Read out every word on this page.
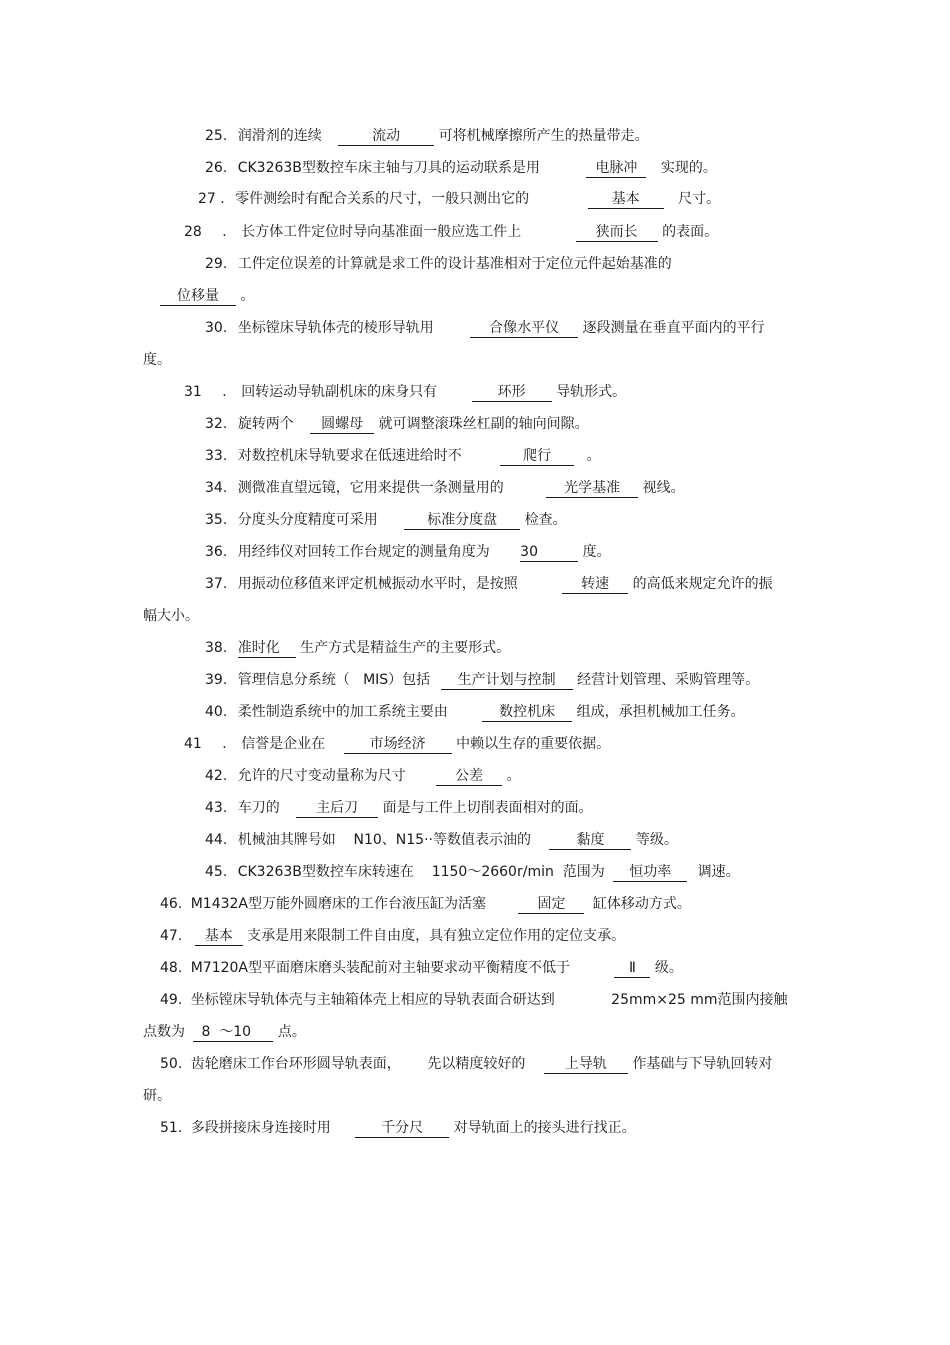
25. 润滑剂的连续	流动	可将机械摩擦所产生的热量带走。
26. CK3263B型数控车床主轴与刀具的运动联系是用	电脉冲 实现的。
27 . 零件测绘时有配合关系的尺寸，一般只测出它的	基本	尺寸。
28 . 长方体工件定位时导向基准面一般应选工件上	狭而长 的表面。
29. 工件定位误差的计算就是求工件的设计基准相对于定位元件起始基准的
位移量 。
30. 坐标镗床导轨体壳的棱形导轨用	合像水平仪 逐段测量在垂直平面内的平行
度。
31 . 回转运动导轨副机床的床身只有	环形 导轨形式。
32. 旋转两个 圆螺母 就可调整滚珠丝杠副的轴向间隙。
33. 对数控机床导轨要求在低速进给时不	爬行	。
34. 测微准直望远镜，它用来提供一条测量用的	光学基准 视线。
35. 分度头分度精度可采用	标准分度盘 检查。
36. 用经纬仪对回转工作台规定的测量角度为 30	度。
37. 用振动位移值来评定机械振动水平时，是按照	转速 的高低来规定允许的振
幅大小。
38. 准时化 生产方式是精益生产的主要形式。
39. 管理信息分系统（   MIS）包括 生产计划与控制 经营计划管理、采购管理等。
40. 柔性制造系统中的加工系统主要由	数控机床 组成，承担机械加工任务。
41 . 信誉是企业在	市场经济 中赖以生存的重要依据。
42. 允许的尺寸变动量称为尺寸	公差 。
43. 车刀的	主后刀 面是与工件上切削表面相对的面。
44. 机械油其牌号如    N10、N15··等数值表示油的	黏度 等级。
45. CK3263B型数控车床转速在    1150～2660r/min  范围为 恒功率 调速。
46. M1432A型万能外圆磨床的工作台液压缸为活塞	固定 缸体移动方式。
47. 基本 支承是用来限制工件自由度，具有独立定位作用的定位支承。
48. M7120A型平面磨床磨头装配前对主轴要求动平衡精度不低于	Ⅱ 级。
49. 坐标镗床导轨体壳与主轴箱体壳上相应的导轨表面合研达到	25mm×25 mm范围内接触
点数为 8  ～10 点。
50. 齿轮磨床工作台环形圆导轨表面，      先以精度较好的	上导轨 作基础与下导轨回转对
研。
51. 多段拼接床身连接时用	千分尺 对导轨面上的接头进行找正。
